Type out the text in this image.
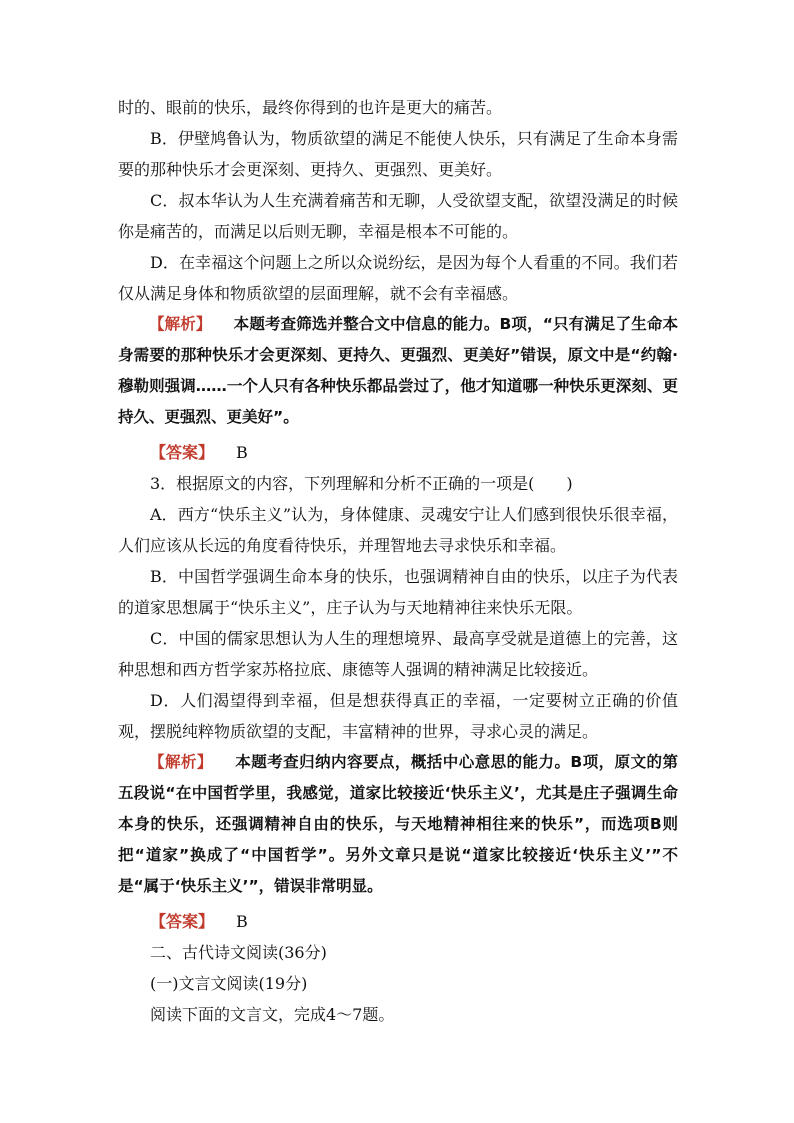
时的、眼前的快乐，最终你得到的也许是更大的痛苦。

B．伊壁鸠鲁认为，物质欲望的满足不能使人快乐，只有满足了生命本身需要的那种快乐才会更深刻、更持久、更强烈、更美好。

C．叔本华认为人生充满着痛苦和无聊，人受欲望支配，欲望没满足的时候你是痛苦的，而满足以后则无聊，幸福是根本不可能的。

D．在幸福这个问题上之所以众说纷纭，是因为每个人看重的不同。我们若仅从满足身体和物质欲望的层面理解，就不会有幸福感。

【解析】 本题考查筛选并整合文中信息的能力。B项，“只有满足了生命本身需要的那种快乐才会更深刻、更持久、更强烈、更美好”错误，原文中是“约翰·穆勒则强调……一个人只有各种快乐都品尝过了，他才知道哪一种快乐更深刻、更持久、更强烈、更美好”。

【答案】 B

3．根据原文的内容，下列理解和分析不正确的一项是(　　)

A．西方“快乐主义”认为，身体健康、灵魂安宁让人们感到很快乐很幸福，人们应该从长远的角度看待快乐，并理智地去寻求快乐和幸福。

B．中国哲学强调生命本身的快乐，也强调精神自由的快乐，以庄子为代表的道家思想属于“快乐主义”，庄子认为与天地精神往来快乐无限。

C．中国的儒家思想认为人生的理想境界、最高享受就是道德上的完善，这种思想和西方哲学家苏格拉底、康德等人强调的精神满足比较接近。

D．人们渴望得到幸福，但是想获得真正的幸福，一定要树立正确的价值观，摆脱纯粹物质欲望的支配，丰富精神的世界，寻求心灵的满足。

【解析】 本题考查归纳内容要点，概括中心意思的能力。B项，原文的第五段说“在中国哲学里，我感觉，道家比较接近‘快乐主义’，尤其是庄子强调生命本身的快乐，还强调精神自由的快乐，与天地精神相往来的快乐”，而选项B则把“道家”换成了“中国哲学”。另外文章只是说“道家比较接近‘快乐主义’”不是“属于‘快乐主义’”，错误非常明显。

【答案】 B

二、古代诗文阅读(36分)

(一)文言文阅读(19分)

阅读下面的文言文，完成4～7题。
